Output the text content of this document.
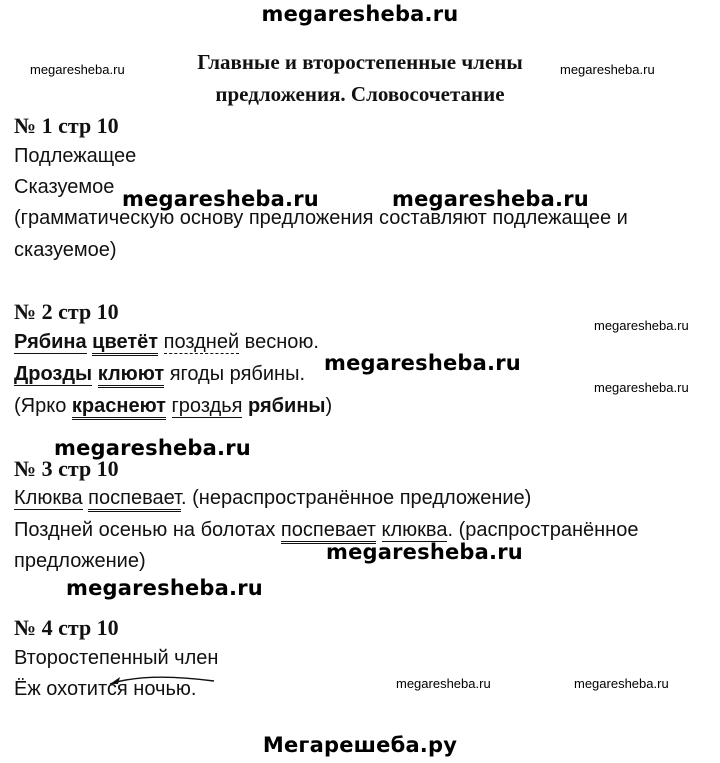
megaresheba.ru
Главные и второстепенные члены
предложения. Словосочетание
megaresheba.ru	megaresheba.ru
№ 1 стр 10
Подлежащее
Сказуемое megaresheba.ru	megaresheba.ru
(грамматическую основу предложения составляют подлежащее и
сказуемое)
№ 2 стр 10
megaresheba.ru
Рябина цветёт поздней весною.
megaresheba.ru
Дрозды клюют ягоды рябины.
megaresheba.ru
(Ярко краснеют гроздья рябины)
megaresheba.ru
№ 3 стр 10
Клюква поспевает. (нераспространённое предложение)
Поздней осенью на болотах поспевает клюква. (распространённое
megaresheba.ru
предложение)
megaresheba.ru
№ 4 стр 10
Второстепенный член
Ёж охотится ночью.	megaresheba.ru	megaresheba.ru
Мегарешеба.ру
